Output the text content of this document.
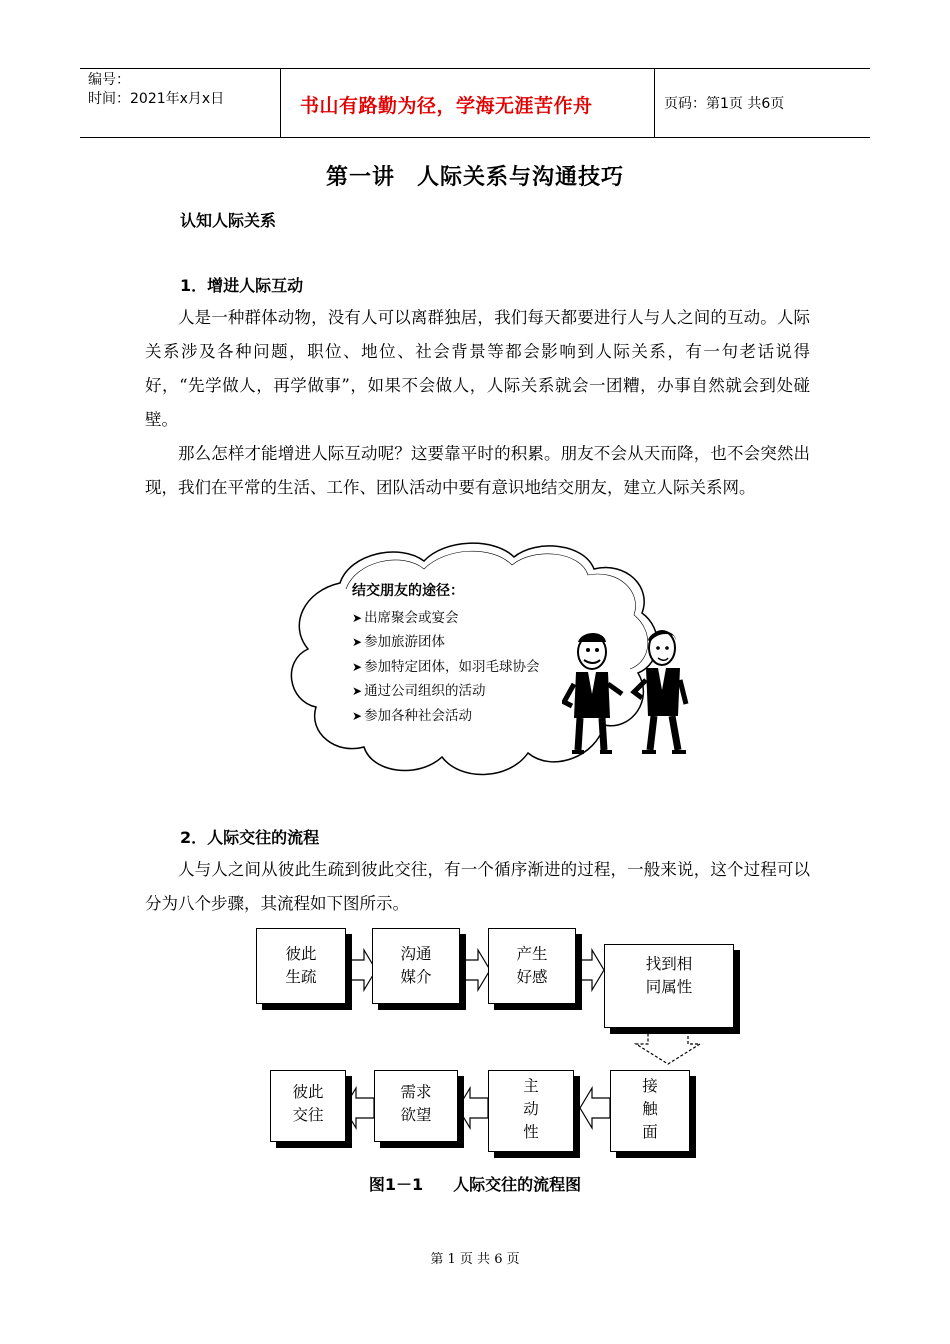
编号：
时间：2021年x月x日	书山有路勤为径，学海无涯苦作舟	页码：第1页 共6页
第一讲 人际关系与沟通技巧
认知人际关系
1．增进人际互动

人是一种群体动物，没有人可以离群独居，我们每天都要进行人与人之间的互动。人际关系涉及各种问题，职位、地位、社会背景等都会影响到人际关系，有一句老话说得好，“先学做人，再学做事”，如果不会做人，人际关系就会一团糟，办事自然就会到处碰壁。

那么怎样才能增进人际互动呢？这要靠平时的积累。朋友不会从天而降，也不会突然出现，我们在平常的生活、工作、团队活动中要有意识地结交朋友，建立人际关系网。

结交朋友的途径：
➤ 出席聚会或宴会
➤ 参加旅游团体
➤ 参加特定团体，如羽毛球协会
➤ 通过公司组织的活动
➤ 参加各种社会活动
2．人际交往的流程

人与人之间从彼此生疏到彼此交往，有一个循序渐进的过程，一般来说，这个过程可以分为八个步骤，其流程如下图所示。

彼此
生疏
沟通
媒介
产生
好感
找到相
同属性
接
触
面
主
动
性
需求
欲望
彼此
交往
图1－1 人际交往的流程图
第 1 页 共 6 页
